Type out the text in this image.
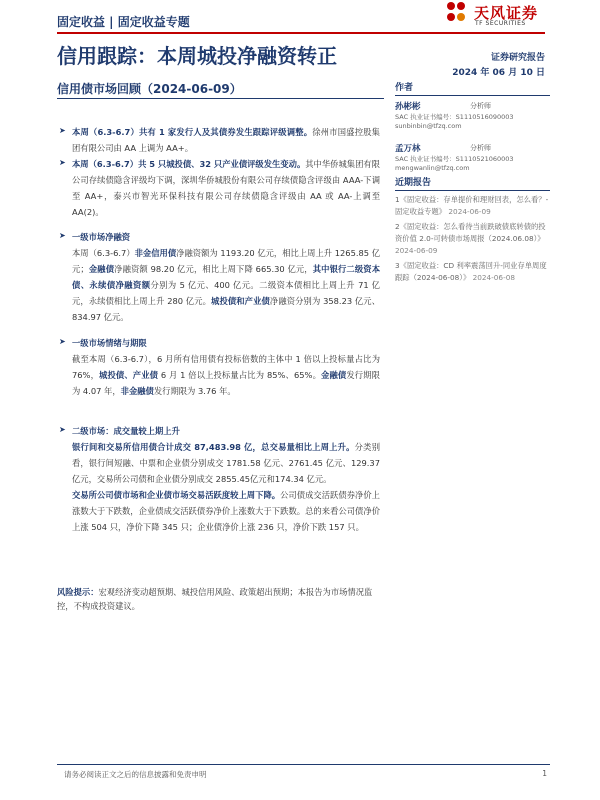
固定收益 | 固定收益专题	天风证券
TF SECURITIES
信用跟踪：本周城投净融资转正	证券研究报告
2024 年 06 月 10 日
信用债市场回顾（2024-06-09）
➤ 本周（6.3-6.7）共有 1 家发行人及其债券发生跟踪评级调整。徐州市国盛控股集团有限公司由 AA 上调为 AA+。
➤ 本周（6.3-6.7）共 5 只城投债、32 只产业债评级发生变动。其中华侨城集团有限公司存续债隐含评级均下调，深圳华侨城股份有限公司存续债隐含评级由 AAA-下调至 AA+，泰兴市智光环保科技有限公司存续债隐含评级由 AA 或 AA-上调至 AA(2)。
➤ 一级市场净融资
本周（6.3-6.7）非金信用债净融资额为 1193.20 亿元，相比上周上升 1265.85 亿元；金融债净融资额 98.20 亿元，相比上周下降 665.30 亿元，其中银行二级资本债、永续债净融资额分别为 5 亿元、400 亿元。二级资本债相比上周上升 71 亿元，永续债相比上周上升 280 亿元。城投债和产业债净融资分别为 358.23 亿元、834.97 亿元。
➤ 一级市场情绪与期限
截至本周（6.3-6.7），6 月所有信用债有投标倍数的主体中 1 倍以上投标量占比为 76%，城投债、产业债 6 月 1 倍以上投标量占比为 85%、65%。金融债发行期限为 4.07 年，非金融债发行期限为 3.76 年。
➤ 二级市场：成交量较上期上升
银行间和交易所信用债合计成交 87,483.98 亿，总交易量相比上周上升。分类别看，银行间短融、中票和企业债分别成交 1781.58 亿元、2761.45 亿元、129.37 亿元，交易所公司债和企业债分别成交 2855.45亿元和174.34 亿元。
交易所公司债市场和企业债市场交易活跃度较上周下降。公司债成交活跃债券净价上涨数大于下跌数，企业债成交活跃债券净价上涨数大于下跌数。总的来看公司债净价上涨 504 只，净价下降 345 只；企业债净价上涨 236 只，净价下跌 157 只。
风险提示：宏观经济变动超预期、城投信用风险、政策超出预期；本报告为市场情况监控，不构成投资建议。
作者
孙彬彬	分析师
SAC 执业证书编号：S1110516090003
sunbinbin@tfzq.com
孟万林	分析师
SAC 执业证书编号：S1110521060003
mengwanlin@tfzq.com
近期报告
1《固定收益：存单提价和理财回表，怎么看？-固定收益专题》 2024-06-09
2《固定收益：怎么看待当前跌破债底转债的投资价值 2.0-可转债市场周报（2024.06.08）》 2024-06-09
3《固定收益：CD 利率震荡回升-同业存单周度跟踪（2024-06-08）》 2024-06-08
请务必阅读正文之后的信息披露和免责申明	1
